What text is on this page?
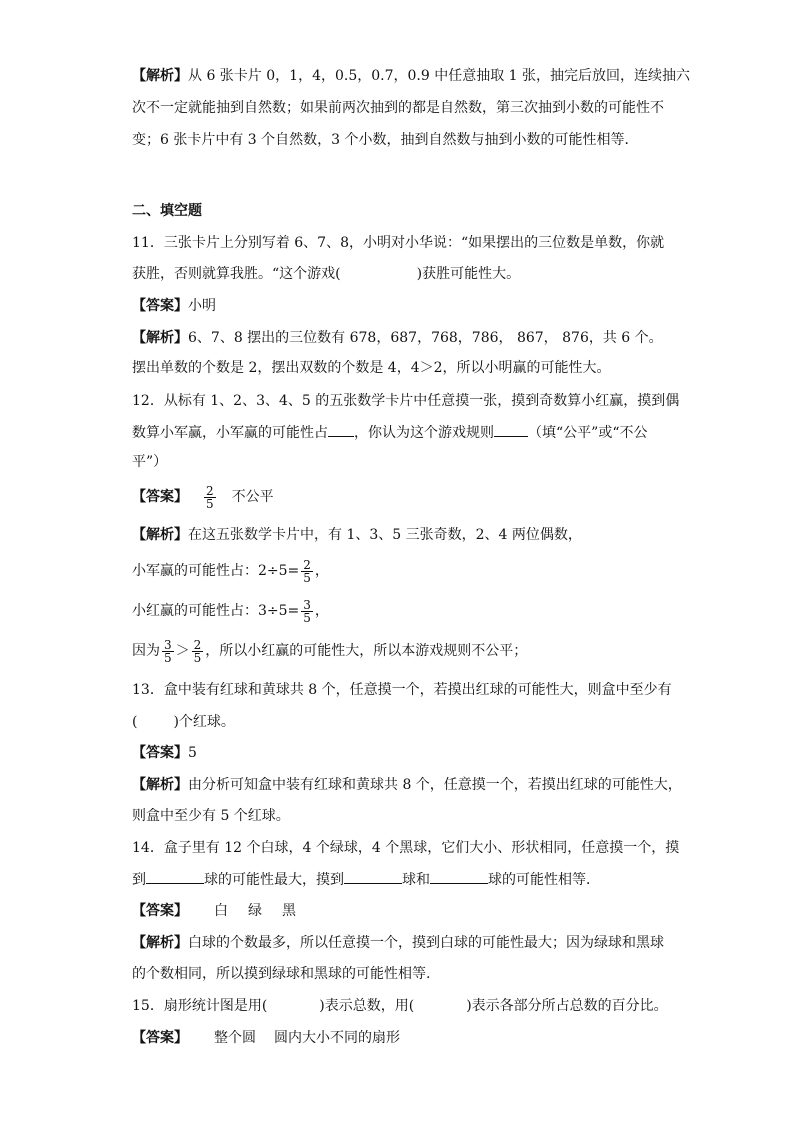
【解析】从 6 张卡片 0，1，4，0.5，0.7，0.9 中任意抽取 1 张，抽完后放回，连续抽六
次不一定就能抽到自然数；如果前两次抽到的都是自然数，第三次抽到小数的可能性不
变；6 张卡片中有 3 个自然数，3 个小数，抽到自然数与抽到小数的可能性相等．
二、填空题
11．三张卡片上分别写着 6、7、8，小明对小华说：“如果摆出的三位数是单数，你就
获胜，否则就算我胜。“这个游戏(	)获胜可能性大。
【答案】小明
【解析】6、7、8 摆出的三位数有 678，687，768，786， 867， 876，共 6 个。
摆出单数的个数是 2，摆出双数的个数是 4，4＞2，所以小明赢的可能性大。
12．从标有 1、2、3、4、5 的五张数学卡片中任意摸一张，摸到奇数算小红赢，摸到偶
数算小军赢，小军赢的可能性占 ，你认为这个游戏规则 （填“公平”或“不公
平”）
【答案】 $\frac{2}{5}$ 不公平
【解析】在这五张数学卡片中，有 1、3、5 三张奇数，2、4 两位偶数，
小军赢的可能性占：$2\div 5= \frac{2}{5}$ ，
小红赢的可能性占：$3\div 5= \frac{3}{5}$ ，
因为 $\frac{3}{5} > \frac{2}{5}$ ，所以小红赢的可能性大，所以本游戏规则不公平；
13．盒中装有红球和黄球共 8 个，任意摸一个，若摸出红球的可能性大，则盒中至少有
(	)个红球。
【答案】5
【解析】由分析可知盒中装有红球和黄球共 8 个，任意摸一个，若摸出红球的可能性大，
则盒中至少有 5 个红球。
14．盒子里有 12 个白球，4 个绿球，4 个黑球，它们大小、形状相同，任意摸一个，摸
到	球的可能性最大，摸到	球和	球的可能性相等．
【答案】 白 绿 黑
【解析】白球的个数最多，所以任意摸一个，摸到白球的可能性最大；因为绿球和黑球
的个数相同，所以摸到绿球和黑球的可能性相等.
15．扇形统计图是用(	)表示总数，用(	)表示各部分所占总数的百分比。
【答案】 整个圆 圆内大小不同的扇形
